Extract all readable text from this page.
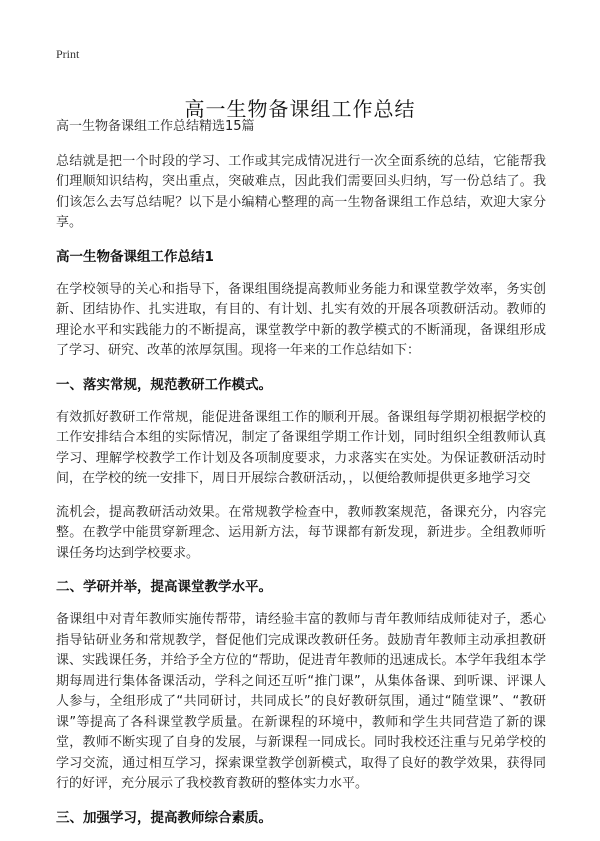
Print
高一生物备课组工作总结

高一生物备课组工作总结精选15篇

总结就是把一个时段的学习、工作或其完成情况进行一次全面系统的总结，它能帮我们理顺知识结构，突出重点，突破难点，因此我们需要回头归纳，写一份总结了。我们该怎么去写总结呢？以下是小编精心整理的高一生物备课组工作总结，欢迎大家分享。

高一生物备课组工作总结1

在学校领导的关心和指导下，备课组围绕提高教师业务能力和课堂教学效率，务实创新、团结协作、扎实进取，有目的、有计划、扎实有效的开展各项教研活动。教师的理论水平和实践能力的不断提高，课堂教学中新的教学模式的不断涌现，备课组形成了学习、研究、改革的浓厚氛围。现将一年来的工作总结如下：

一、落实常规，规范教研工作模式。

有效抓好教研工作常规，能促进备课组工作的顺利开展。备课组每学期初根据学校的工作安排结合本组的实际情况，制定了备课组学期工作计划，同时组织全组教师认真学习、理解学校教学工作计划及各项制度要求，力求落实在实处。为保证教研活动时间，在学校的统一安排下，周日开展综合教研活动，，以便给教师提供更多地学习交

流机会，提高教研活动效果。在常规教学检查中，教师教案规范，备课充分，内容完整。在教学中能贯穿新理念、运用新方法，每节课都有新发现，新进步。全组教师听课任务均达到学校要求。

二、学研并举，提高课堂教学水平。

备课组中对青年教师实施传帮带，请经验丰富的教师与青年教师结成师徒对子，悉心指导钻研业务和常规教学，督促他们完成课改教研任务。鼓励青年教师主动承担教研课、实践课任务，并给予全方位的“帮助，促进青年教师的迅速成长。本学年我组本学期每周进行集体备课活动，学科之间还互听“推门课”，从集体备课、到听课、评课人人参与，全组形成了“共同研讨，共同成长”的良好教研氛围，通过“随堂课”、“教研课”等提高了各科课堂教学质量。在新课程的环境中，教师和学生共同营造了新的课堂，教师不断实现了自身的发展，与新课程一同成长。同时我校还注重与兄弟学校的学习交流，通过相互学习，探索课堂教学创新模式，取得了良好的教学效果，获得同行的好评，充分展示了我校教育教研的整体实力水平。

三、加强学习，提高教师综合素质。
